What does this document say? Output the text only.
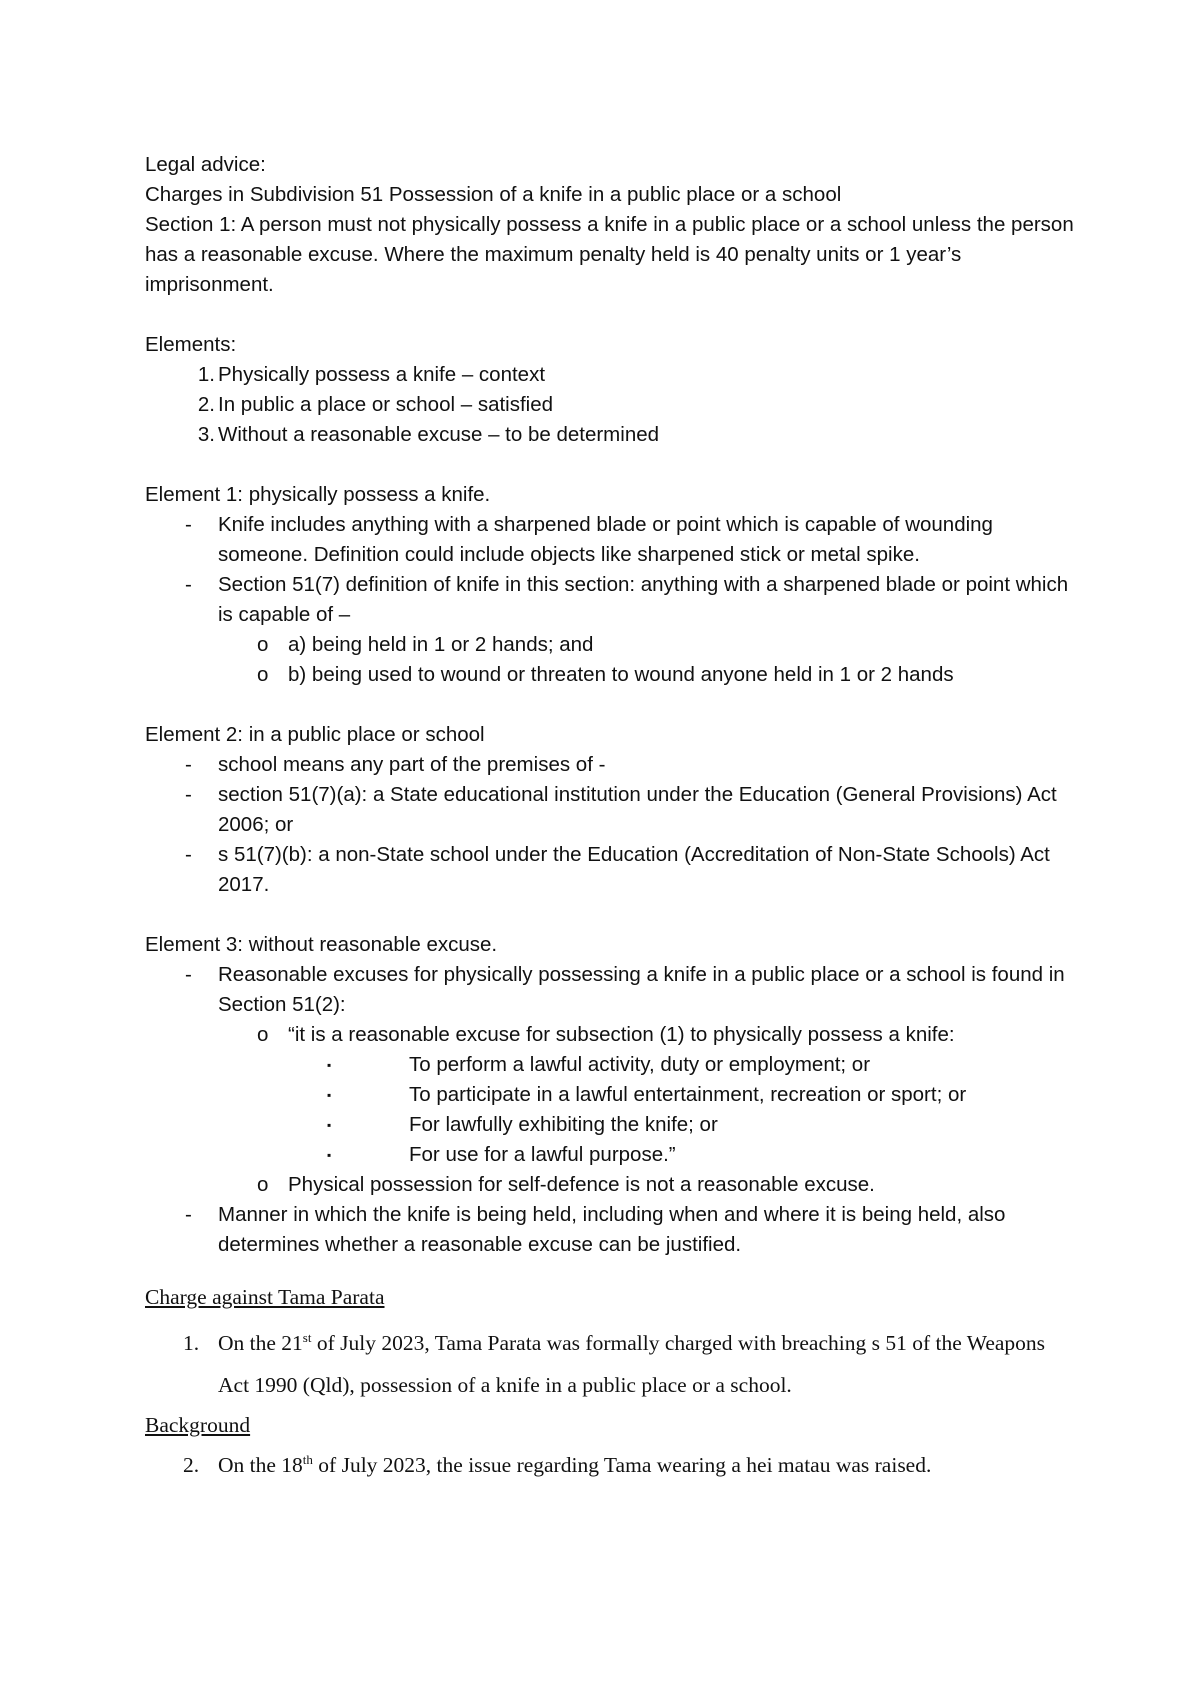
Legal advice:

Charges in Subdivision 51 Possession of a knife in a public place or a school

Section 1: A person must not physically possess a knife in a public place or a school unless the person has a reasonable excuse. Where the maximum penalty held is 40 penalty units or 1 year’s imprisonment.

Elements:

1. Physically possess a knife – context
2. In public a place or school – satisfied
3. Without a reasonable excuse – to be determined

Element 1: physically possess a knife.

- Knife includes anything with a sharpened blade or point which is capable of wounding someone. Definition could include objects like sharpened stick or metal spike.
- Section 51(7) definition of knife in this section: anything with a sharpened blade or point which is capable of –
o a) being held in 1 or 2 hands; and
o b) being used to wound or threaten to wound anyone held in 1 or 2 hands

Element 2: in a public place or school

- school means any part of the premises of -
- section 51(7)(a): a State educational institution under the Education (General Provisions) Act 2006; or
- s 51(7)(b): a non-State school under the Education (Accreditation of Non-State Schools) Act 2017.

Element 3: without reasonable excuse.

- Reasonable excuses for physically possessing a knife in a public place or a school is found in Section 51(2):
o “it is a reasonable excuse for subsection (1) to physically possess a knife:
▪	To perform a lawful activity, duty or employment; or
▪	To participate in a lawful entertainment, recreation or sport; or
▪	For lawfully exhibiting the knife; or
▪	For use for a lawful purpose.”
o Physical possession for self-defence is not a reasonable excuse.
- Manner in which the knife is being held, including when and where it is being held, also determines whether a reasonable excuse can be justified.

Charge against Tama Parata

1. On the 21st of July 2023, Tama Parata was formally charged with breaching s 51 of the Weapons Act 1990 (Qld), possession of a knife in a public place or a school.

Background

2. On the 18th of July 2023, the issue regarding Tama wearing a hei matau was raised.
